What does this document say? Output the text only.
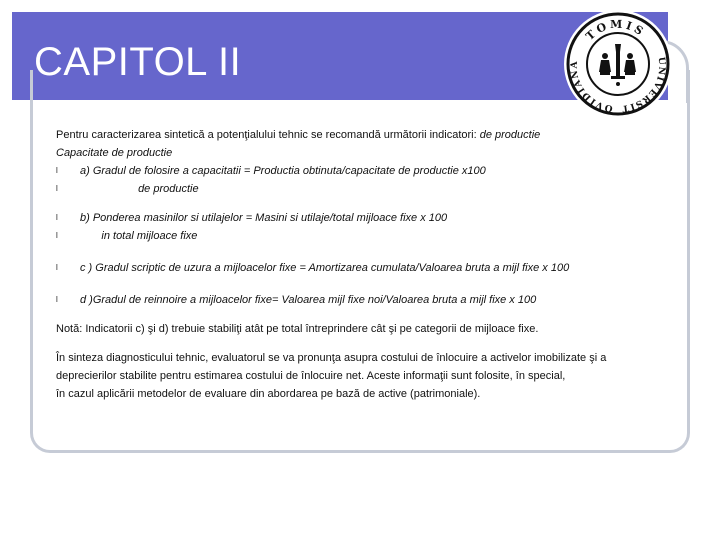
CAPITOL II
TOMIS
OVIDIANA	UNIVERSIT
Pentru caracterizarea sintetică a potenţialului tehnic se recomandă următorii indicatori: de productie
Capacitate de productie
l	a) Gradul de folosire a capacitatii = Productia obtinuta/capacitate de productie x100
l	de productie
l	b) Ponderea masinilor si utilajelor = Masini si utilaje/total mijloace fixe x 100
l	in total mijloace fixe
l	c ) Gradul scriptic de uzura a mijloacelor fixe = Amortizarea cumulata/Valoarea bruta a mijl fixe x 100
l	d )Gradul de reinnoire a mijloacelor fixe= Valoarea mijl fixe noi/Valoarea bruta a mijl fixe x 100
Notă: Indicatorii c) şi d) trebuie stabiliţi atât pe total întreprindere cât şi pe categorii de mijloace fixe.
În sinteza diagnosticului tehnic, evaluatorul se va pronunţa asupra costului de înlocuire a activelor imobilizate şi a
deprecierilor stabilite pentru estimarea costului de înlocuire net. Aceste informaţii sunt folosite, în special,
în cazul aplicării metodelor de evaluare din abordarea pe bază de active (patrimoniale).
